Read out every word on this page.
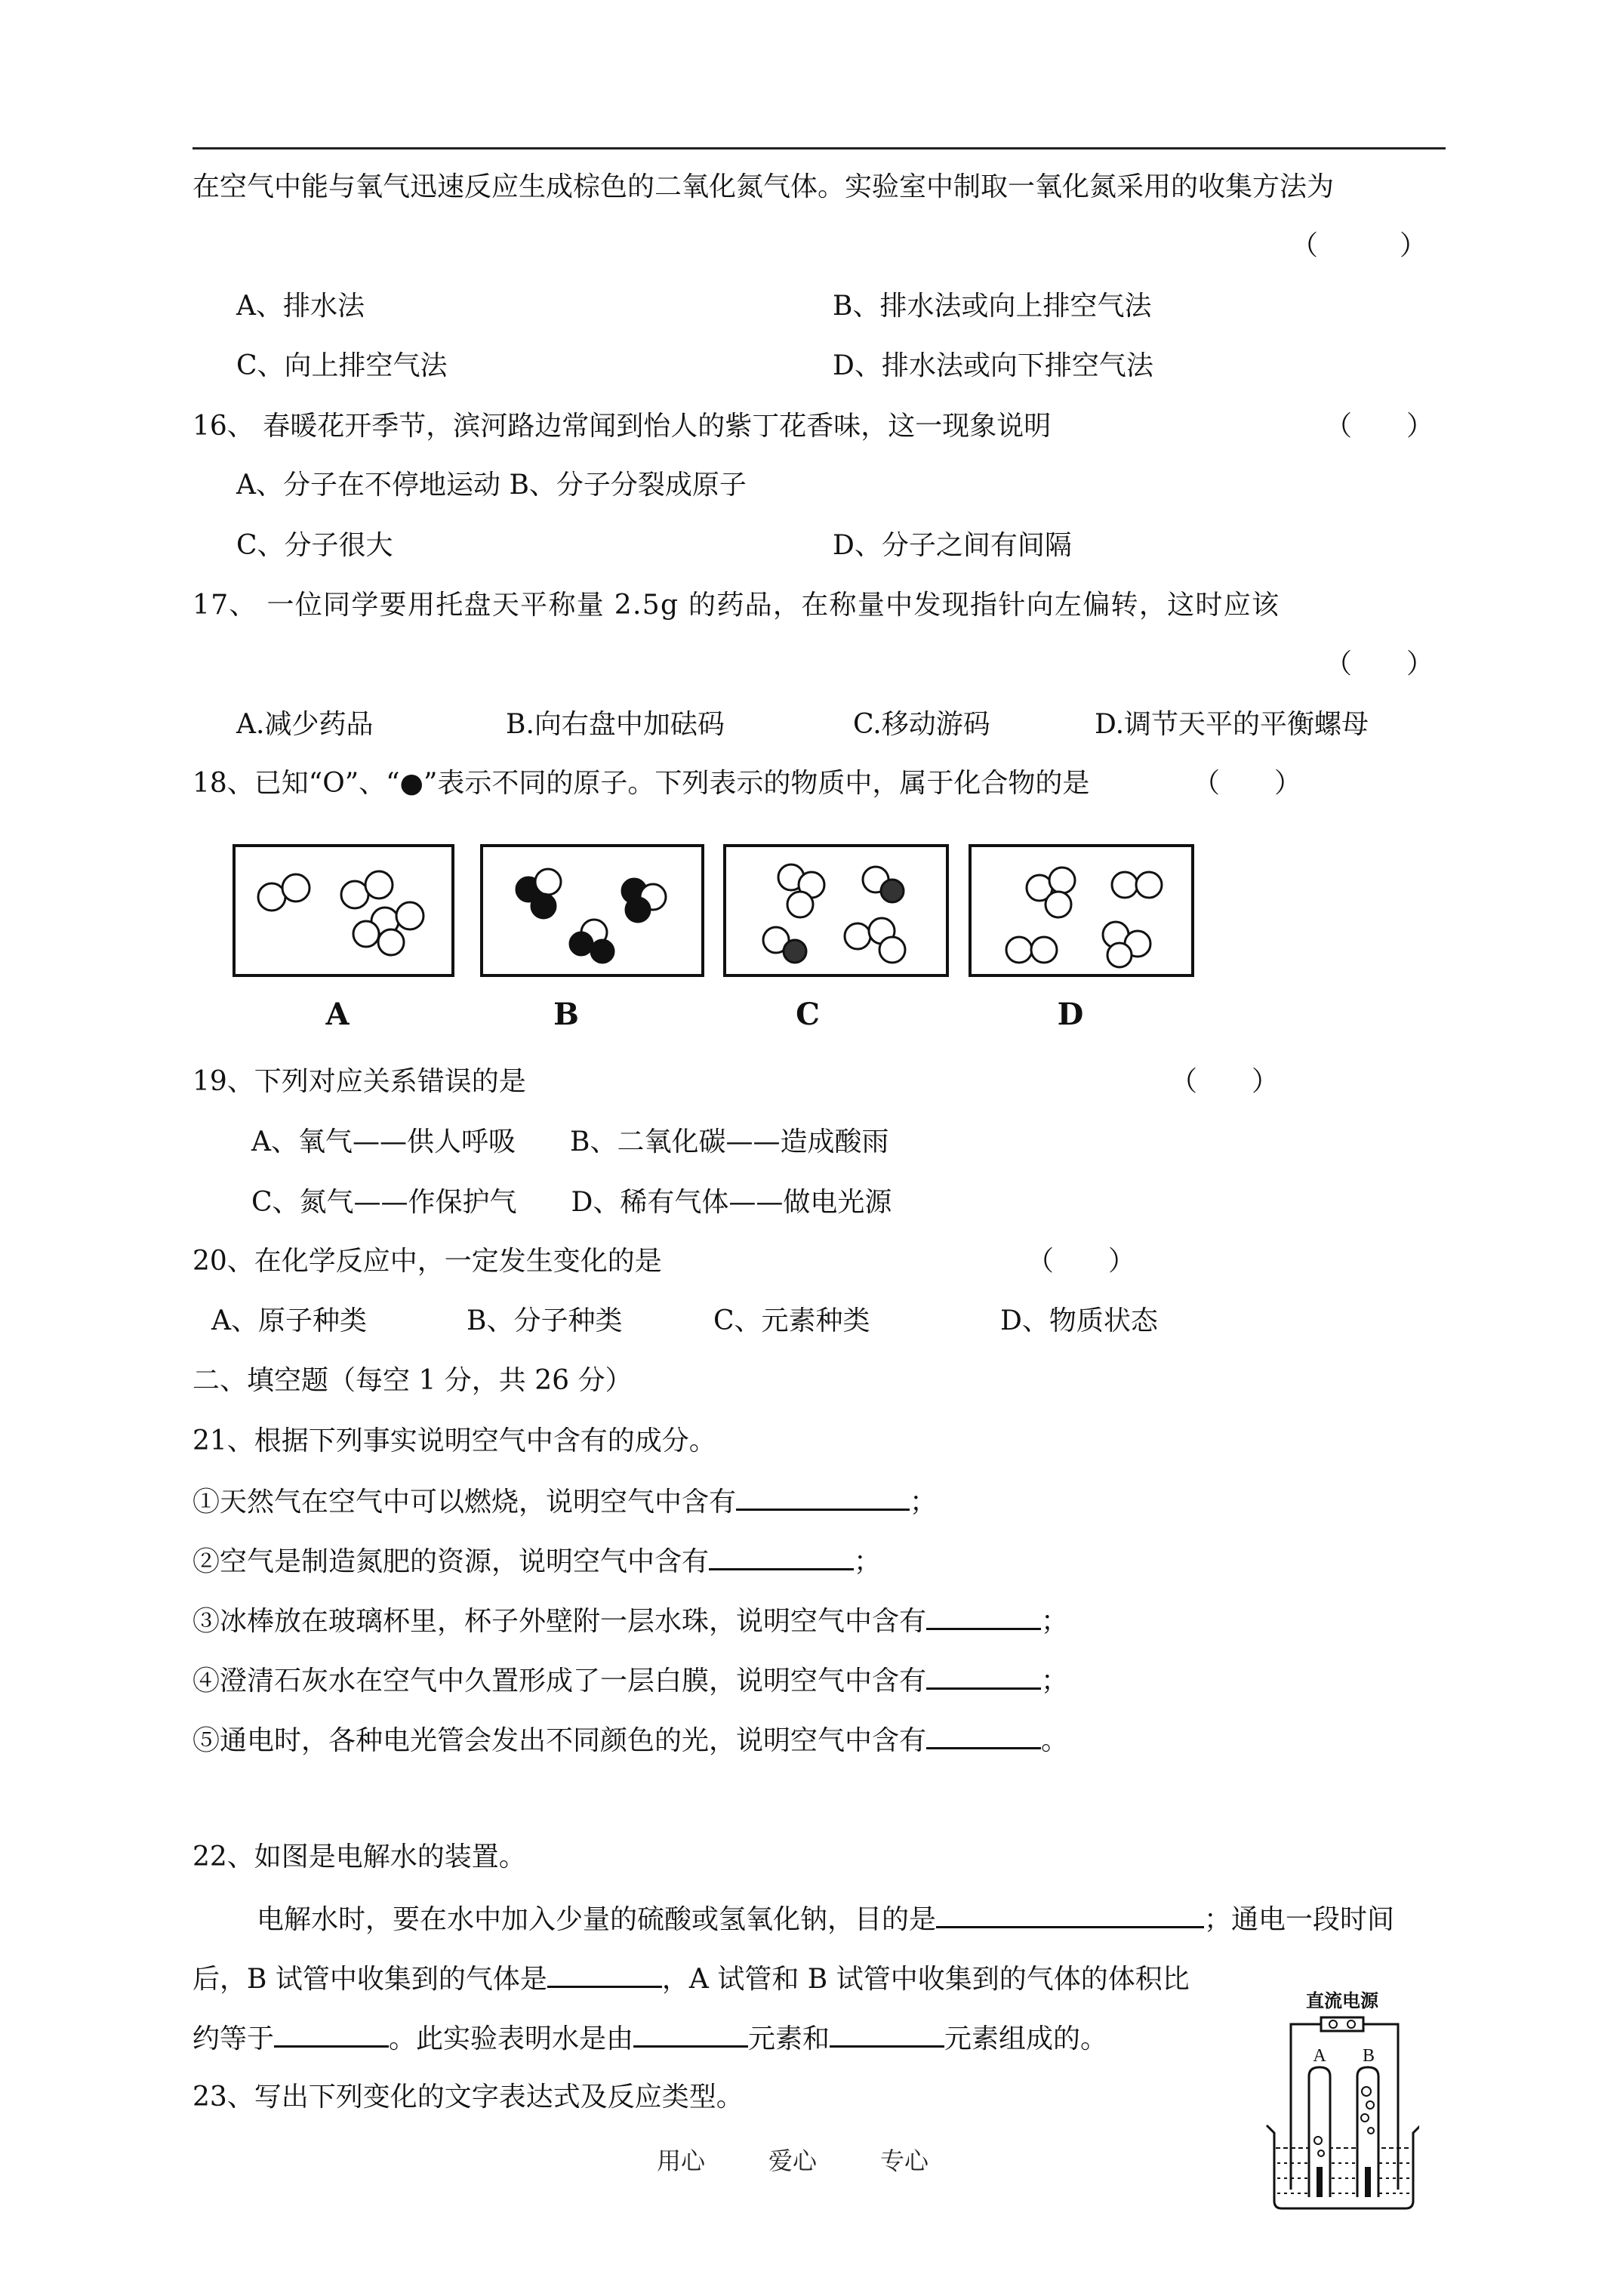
在空气中能与氧气迅速反应生成棕色的二氧化氮气体。实验室中制取一氧化氮采用的收集方法为
（　　　）
A、排水法	B、排水法或向上排空气法
C、向上排空气法	D、排水法或向下排空气法
16、 春暖花开季节，滨河路边常闻到怡人的紫丁花香味，这一现象说明	（　　）
A、分子在不停地运动 B、分子分裂成原子
C、分子很大	D、分子之间有间隔
17、 一位同学要用托盘天平称量 2.5g 的药品，在称量中发现指针向左偏转，这时应该
（　　）
A.减少药品	B.向右盘中加砝码	C.移动游码	D.调节天平的平衡螺母
18、已知“O”、“●”表示不同的原子。下列表示的物质中，属于化合物的是	（　　）
A	B	C	D
19、下列对应关系错误的是	（　　）
A、氧气——供人呼吸　　B、二氧化碳——造成酸雨
C、氮气——作保护气　　D、稀有气体——做电光源
20、在化学反应中，一定发生变化的是	（　　）
A、原子种类	B、分子种类	C、元素种类	D、物质状态
二、填空题（每空 1 分，共 26 分）
21、根据下列事实说明空气中含有的成分。
①天然气在空气中可以燃烧，说明空气中含有	；
②空气是制造氮肥的资源，说明空气中含有	；
③冰棒放在玻璃杯里，杯子外壁附一层水珠，说明空气中含有	；
④澄清石灰水在空气中久置形成了一层白膜，说明空气中含有	；
⑤通电时，各种电光管会发出不同颜色的光，说明空气中含有	。
22、如图是电解水的装置。
电解水时，要在水中加入少量的硫酸或氢氧化钠，目的是	；通电一段时间
后，B 试管中收集到的气体是	，A 试管和 B 试管中收集到的气体的体积比
约等于	。此实验表明水是由	元素和	元素组成的。
直流电源
A B
23、写出下列变化的文字表达式及反应类型。
用心	爱心	专心
